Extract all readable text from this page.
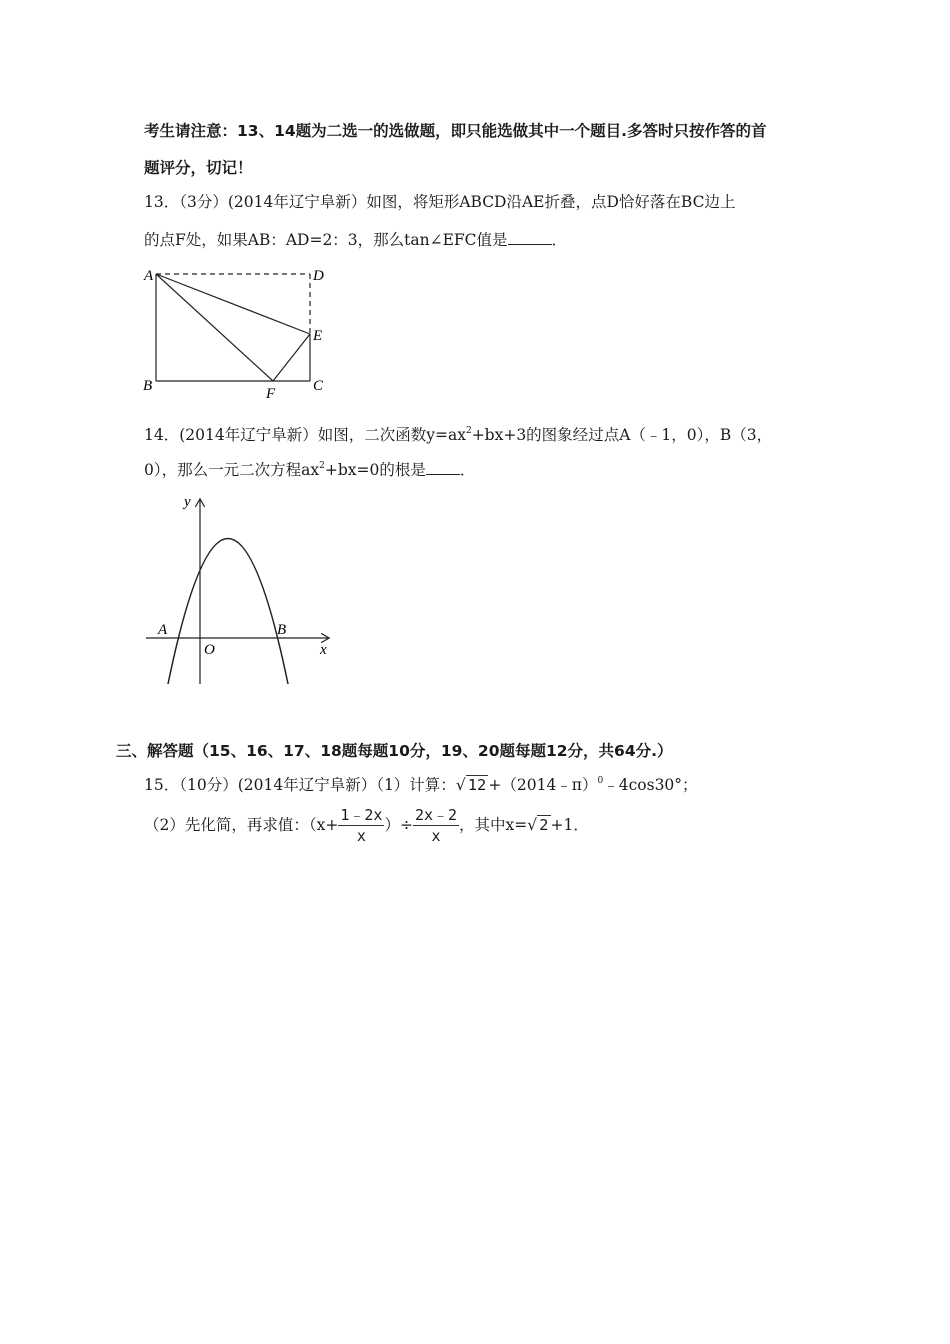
考生请注意：13、14题为二选一的选做题，即只能选做其中一个题目.多答时只按作答的首
题评分，切记！
13．（3分）(2014年辽宁阜新）如图，将矩形ABCD沿AE折叠，点D恰好落在BC边上
的点F处，如果AB：AD=2：3，那么tan∠EFC值是	．
A	D
E
B	C
F
14．(2014年辽宁阜新）如图，二次函数$y=ax^2+bx+3$的图象经过点A（﹣1，0），B（3，
0），那么一元二次方程$ax^2+bx=0$的根是 ．
y
x
O
A	B
三、解答题（15、16、17、18题每题10分，19、20题每题12分，共64分.）
15．（10分）(2014年辽宁阜新）（1）计算：√ 12 +（2014﹣π）$^0$﹣4cos30°；
（2）先化简，再求值：（$x+ \frac{1﹣2x}{x}$ ）÷ $\frac{2x﹣2}{x}$ ，其中x=√ 2 +1．
